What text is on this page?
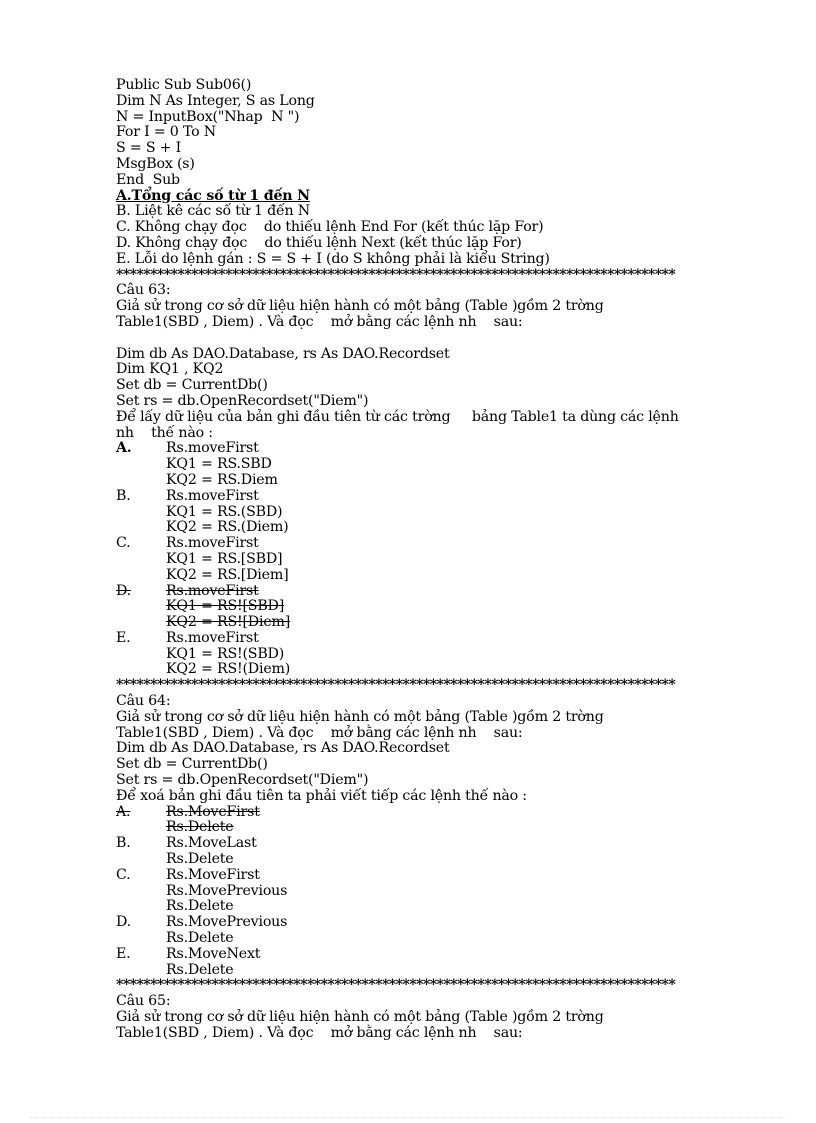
Public Sub Sub06()
Dim N As Integer, S as Long
N = InputBox("Nhap  N ")
For I = 0 To N
S = S + I
MsgBox (s)
End  Sub
A.Tổng các số từ 1 đến N
B. Liệt kê các số từ 1 đến N
C. Không chạy đọc    do thiếu lệnh End For (kết thúc lặp For)
D. Không chạy đọc    do thiếu lệnh Next (kết thúc lặp For)
E. Lỗi do lệnh gán : S = S + I (do S không phải là kiểu String)
**********************************************************************************
Câu 63:
Giả sử trong cơ sở dữ liệu hiện hành có một bảng (Table )gồm 2 trờng
Table1(SBD , Diem) . Và đọc    mở bằng các lệnh nh    sau:
Dim db As DAO.Database, rs As DAO.Recordset
Dim KQ1 , KQ2
Set db = CurrentDb()
Set rs = db.OpenRecordset("Diem")
Để lấy dữ liệu của bản ghi đầu tiên từ các trờng     bảng Table1 ta dùng các lệnh
nh    thế nào :
A.	Rs.moveFirst
KQ1 = RS.SBD
KQ2 = RS.Diem
B.	Rs.moveFirst
KQ1 = RS.(SBD)
KQ2 = RS.(Diem)
C.	Rs.moveFirst
KQ1 = RS.[SBD]
KQ2 = RS.[Diem]
D.	Rs.moveFirst
KQ1 = RS![SBD]
KQ2 = RS![Diem]
E.	Rs.moveFirst
KQ1 = RS!(SBD)
KQ2 = RS!(Diem)
**********************************************************************************
Câu 64:
Giả sử trong cơ sở dữ liệu hiện hành có một bảng (Table )gồm 2 trờng
Table1(SBD , Diem) . Và đọc    mở bằng các lệnh nh    sau:
Dim db As DAO.Database, rs As DAO.Recordset
Set db = CurrentDb()
Set rs = db.OpenRecordset("Diem")
Để xoá bản ghi đầu tiên ta phải viết tiếp các lệnh thế nào :
A.	Rs.MoveFirst
Rs.Delete
B.	Rs.MoveLast
Rs.Delete
C.	Rs.MoveFirst
Rs.MovePrevious
Rs.Delete
D.	Rs.MovePrevious
Rs.Delete
E.	Rs.MoveNext
Rs.Delete
**********************************************************************************
Câu 65:
Giả sử trong cơ sở dữ liệu hiện hành có một bảng (Table )gồm 2 trờng
Table1(SBD , Diem) . Và đọc    mở bằng các lệnh nh    sau:
